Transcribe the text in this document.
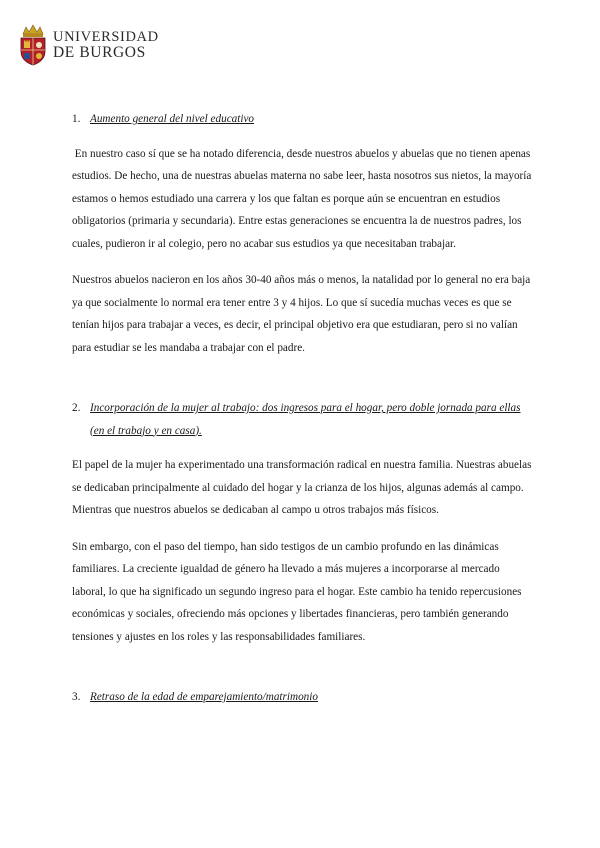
UNIVERSIDAD
DE BURGOS
1. Aumento general del nivel educativo

En nuestro caso sí que se ha notado diferencia, desde nuestros abuelos y abuelas que no tienen apenas estudios. De hecho, una de nuestras abuelas materna no sabe leer, hasta nosotros sus nietos, la mayoría estamos o hemos estudiado una carrera y los que faltan es porque aún se encuentran en estudios obligatorios (primaria y secundaria). Entre estas generaciones se encuentra la de nuestros padres, los cuales, pudieron ir al colegio, pero no acabar sus estudios ya que necesitaban trabajar.

Nuestros abuelos nacieron en los años 30-40 años más o menos, la natalidad por lo general no era baja ya que socialmente lo normal era tener entre 3 y 4 hijos. Lo que sí sucedía muchas veces es que se tenían hijos para trabajar a veces, es decir, el principal objetivo era que estudiaran, pero si no valían para estudiar se les mandaba a trabajar con el padre.

2. Incorporación de la mujer al trabajo: dos ingresos para el hogar, pero doble jornada para ellas (en el trabajo y en casa).

El papel de la mujer ha experimentado una transformación radical en nuestra familia. Nuestras abuelas se dedicaban principalmente al cuidado del hogar y la crianza de los hijos, algunas además al campo. Mientras que nuestros abuelos se dedicaban al campo u otros trabajos más físicos.

Sin embargo, con el paso del tiempo, han sido testigos de un cambio profundo en las dinámicas familiares. La creciente igualdad de género ha llevado a más mujeres a incorporarse al mercado laboral, lo que ha significado un segundo ingreso para el hogar. Este cambio ha tenido repercusiones económicas y sociales, ofreciendo más opciones y libertades financieras, pero también generando tensiones y ajustes en los roles y las responsabilidades familiares.

3. Retraso de la edad de emparejamiento/matrimonio
